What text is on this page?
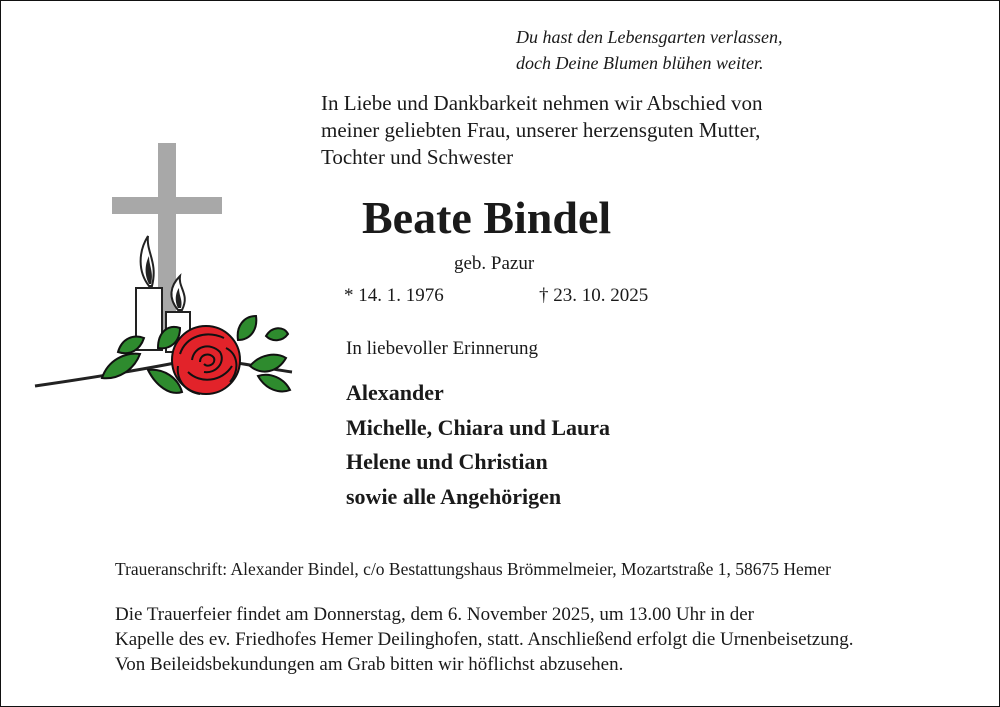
Du hast den Lebensgarten verlassen,
doch Deine Blumen blühen weiter.
In Liebe und Dankbarkeit nehmen wir Abschied von
meiner geliebten Frau, unserer herzensguten Mutter,
Tochter und Schwester
Beate Bindel
geb. Pazur
* 14. 1. 1976	† 23. 10. 2025
In liebevoller Erinnerung
Alexander
Michelle, Chiara und Laura
Helene und Christian
sowie alle Angehörigen
Traueranschrift: Alexander Bindel, c/o Bestattungshaus Brömmelmeier, Mozartstraße 1, 58675 Hemer
Die Trauerfeier findet am Donnerstag, dem 6. November 2025, um 13.00 Uhr in der
Kapelle des ev. Friedhofes Hemer Deilinghofen, statt. Anschließend erfolgt die Urnenbeisetzung.
Von Beileidsbekundungen am Grab bitten wir höflichst abzusehen.
